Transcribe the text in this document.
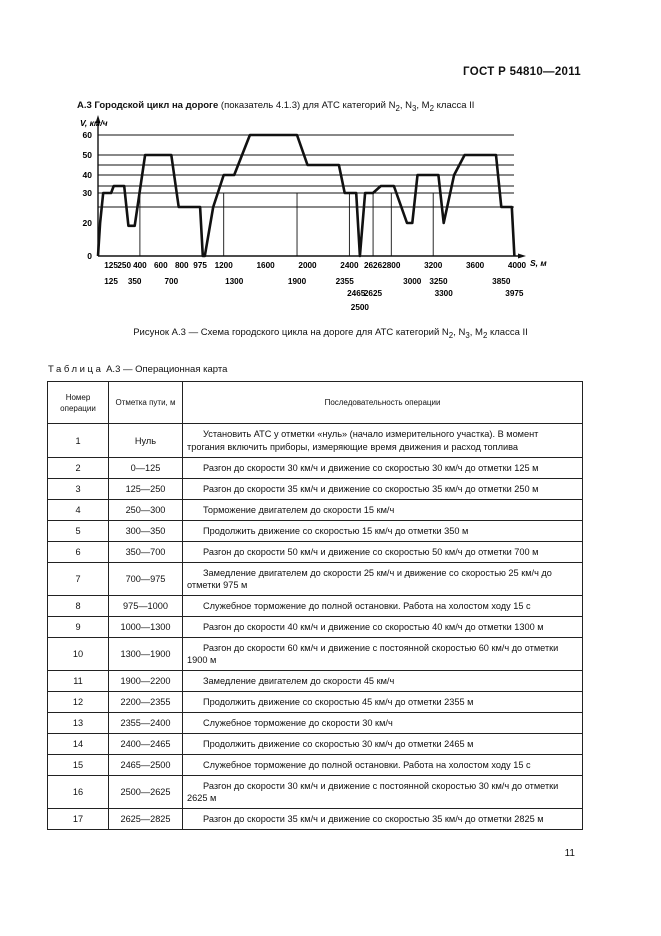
ГОСТ Р 54810—2011
А.3 Городской цикл на дороге (показатель 4.1.3) для АТС категорий $N_2$, $N_3$, $M_2$ класса II
0
20
30
40
50
60
125 250 400 600 800 975 1200	1600	2000	2400 2626 2800	3200	3600	4000
125 350	700	1300	1900	2355
2465
2500
2625
3000 3250
3300
3850
3975
V, км/ч
S, м
Рисунок А.3 — Схема городского цикла на дороге для АТС категорий $N_2$, $N_3$, $M_2$ класса II
Таблица А.3 — Операционная карта
Номер операции	Отметка пути, м	Последовательность операции
1	Нуль	Установить АТС у отметки «нуль» (начало измерительного участка). В момент трогания включить приборы, измеряющие время движения и расход топлива

2	0—125	Разгон до скорости 30 км/ч и движение со скоростью 30 км/ч до отметки 125 м

3	125—250	Разгон до скорости 35 км/ч и движение со скоростью 35 км/ч до отметки 250 м

4	250—300	Торможение двигателем до скорости 15 км/ч

5	300—350	Продолжить движение со скоростью 15 км/ч до отметки 350 м

6	350—700	Разгон до скорости 50 км/ч и движение со скоростью 50 км/ч до отметки 700 м

7	700—975	Замедление двигателем до скорости 25 км/ч и движение со скоростью 25 км/ч до отметки 975 м

8	975—1000	Служебное торможение до полной остановки. Работа на холостом ходу 15 с

9	1000—1300	Разгон до скорости 40 км/ч и движение со скоростью 40 км/ч до отметки 1300 м

10	1300—1900	Разгон до скорости 60 км/ч и движение с постоянной скоростью 60 км/ч до отметки 1900 м

11	1900—2200	Замедление двигателем до скорости 45 км/ч

12	2200—2355	Продолжить движение со скоростью 45 км/ч до отметки 2355 м

13	2355—2400	Служебное торможение до скорости 30 км/ч

14	2400—2465	Продолжить движение со скоростью 30 км/ч до отметки 2465 м

15	2465—2500	Служебное торможение до полной остановки. Работа на холостом ходу 15 с

16	2500—2625	Разгон до скорости 30 км/ч и движение с постоянной скоростью 30 км/ч до отметки 2625 м

17	2625—2825	Разгон до скорости 35 км/ч и движение со скоростью 35 км/ч до отметки 2825 м
11
